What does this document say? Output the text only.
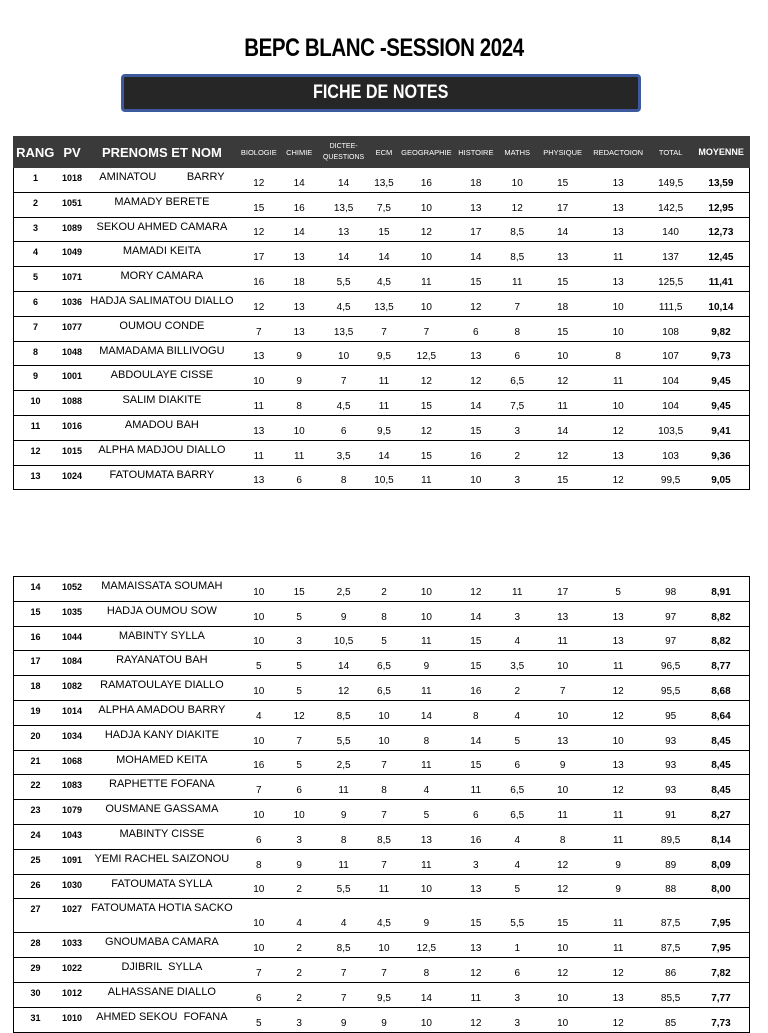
BEPC BLANC -SESSION 2024
FICHE DE NOTES
RANG	PV	PRENOMS ET NOM	BIOLOGIE	CHIMIE	DICTEE-QUESTIONS	ECM	GEOGRAPHIE	HISTOIRE	MATHS	PHYSIQUE	REDACTOION	TOTAL	MOYENNE
1	1018	AMINATOU          BARRY	12	14	14	13,5	16	18	10	15	13	149,5	13,59
2	1051	MAMADY BERETE	15	16	13,5	7,5	10	13	12	17	13	142,5	12,95
3	1089	SEKOU AHMED CAMARA	12	14	13	15	12	17	8,5	14	13	140	12,73
4	1049	MAMADI KEITA	17	13	14	14	10	14	8,5	13	11	137	12,45
5	1071	MORY CAMARA	16	18	5,5	4,5	11	15	11	15	13	125,5	11,41
6	1036	HADJA SALIMATOU DIALLO	12	13	4,5	13,5	10	12	7	18	10	111,5	10,14
7	1077	OUMOU CONDE	7	13	13,5	7	7	6	8	15	10	108	9,82
8	1048	MAMADAMA BILLIVOGU	13	9	10	9,5	12,5	13	6	10	8	107	9,73
9	1001	ABDOULAYE CISSE	10	9	7	11	12	12	6,5	12	11	104	9,45
10	1088	SALIM DIAKITE	11	8	4,5	11	15	14	7,5	11	10	104	9,45
11	1016	AMADOU BAH	13	10	6	9,5	12	15	3	14	12	103,5	9,41
12	1015	ALPHA MADJOU DIALLO	11	11	3,5	14	15	16	2	12	13	103	9,36
13	1024	FATOUMATA BARRY	13	6	8	10,5	11	10	3	15	12	99,5	9,05
14	1052	MAMAISSATA SOUMAH	10	15	2,5	2	10	12	11	17	5	98	8,91
15	1035	HADJA OUMOU SOW	10	5	9	8	10	14	3	13	13	97	8,82
16	1044	MABINTY SYLLA	10	3	10,5	5	11	15	4	11	13	97	8,82
17	1084	RAYANATOU BAH	5	5	14	6,5	9	15	3,5	10	11	96,5	8,77
18	1082	RAMATOULAYE DIALLO	10	5	12	6,5	11	16	2	7	12	95,5	8,68
19	1014	ALPHA AMADOU BARRY	4	12	8,5	10	14	8	4	10	12	95	8,64
20	1034	HADJA KANY DIAKITE	10	7	5,5	10	8	14	5	13	10	93	8,45
21	1068	MOHAMED KEITA	16	5	2,5	7	11	15	6	9	13	93	8,45
22	1083	RAPHETTE FOFANA	7	6	11	8	4	11	6,5	10	12	93	8,45
23	1079	OUSMANE GASSAMA	10	10	9	7	5	6	6,5	11	11	91	8,27
24	1043	MABINTY CISSE	6	3	8	8,5	13	16	4	8	11	89,5	8,14
25	1091	YEMI RACHEL SAIZONOU	8	9	11	7	11	3	4	12	9	89	8,09
26	1030	FATOUMATA SYLLA	10	2	5,5	11	10	13	5	12	9	88	8,00
27	1027	FATOUMATA HOTIA SACKO	10	4	4	4,5	9	15	5,5	15	11	87,5	7,95
28	1033	GNOUMABA CAMARA	10	2	8,5	10	12,5	13	1	10	11	87,5	7,95
29	1022	DJIBRIL  SYLLA	7	2	7	7	8	12	6	12	12	86	7,82
30	1012	ALHASSANE DIALLO	6	2	7	9,5	14	11	3	10	13	85,5	7,77
31	1010	AHMED SEKOU  FOFANA	5	3	9	9	10	12	3	10	12	85	7,73
